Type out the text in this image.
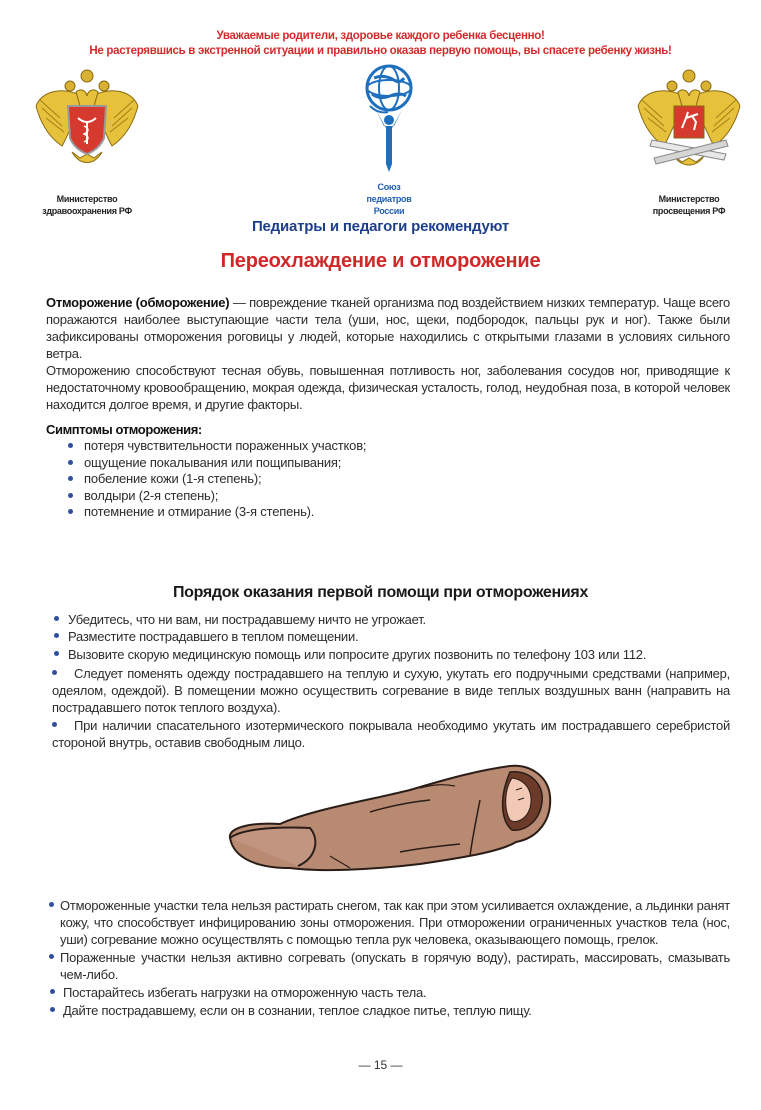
Уважаемые родители, здоровье каждого ребенка бесценно!
Не растерявшись в экстренной ситуации и правильно оказав первую помощь, вы спасете ребенку жизнь!
Министерство
здравоохранения РФ
Союз
педиатров
России
Министерство
просвещения РФ
Педиатры и педагоги рекомендуют
Переохлаждение и отморожение
Отморожение (обморожение) — повреждение тканей организма под воздействием низких температур. Чаще всего поражаются наиболее выступающие части тела (уши, нос, щеки, подбородок, пальцы рук и ног). Также были зафиксированы отморожения роговицы у людей, которые находились с открытыми глазами в условиях сильного ветра.
Отморожению способствуют тесная обувь, повышенная потливость ног, заболевания сосудов ног, приводящие к недостаточному кровообращению, мокрая одежда, физическая усталость, голод, неудобная поза, в которой человек находится долгое время, и другие факторы.
Симптомы отморожения:
потеря чувствительности пораженных участков;
ощущение покалывания или пощипывания;
побеление кожи (1-я степень);
волдыри (2-я степень);
потемнение и отмирание (3-я степень).
Порядок оказания первой помощи при отморожениях
Убедитесь, что ни вам, ни пострадавшему ничто не угрожает.
Разместите пострадавшего в теплом помещении.
Вызовите скорую медицинскую помощь или попросите других позвонить по телефону 103 или 112.
Следует поменять одежду пострадавшего на теплую и сухую, укутать его подручными средствами (например, одеялом, одеждой). В помещении можно осуществить согревание в виде теплых воздушных ванн (направить на пострадавшего поток теплого воздуха).
При наличии спасательного изотермического покрывала необходимо укутать им пострадавшего серебристой стороной внутрь, оставив свободным лицо.
Отмороженные участки тела нельзя растирать снегом, так как при этом усиливается охлаждение, а льдинки ранят кожу, что способствует инфицированию зоны отморожения. При отморожении ограниченных участков тела (нос, уши) согревание можно осуществлять с помощью тепла рук человека, оказывающего помощь, грелок.
Пораженные участки нельзя активно согревать (опускать в горячую воду), растирать, массировать, смазывать чем-либо.
Постарайтесь избегать нагрузки на отмороженную часть тела.
Дайте пострадавшему, если он в сознании, теплое сладкое питье, теплую пищу.
— 15 —
